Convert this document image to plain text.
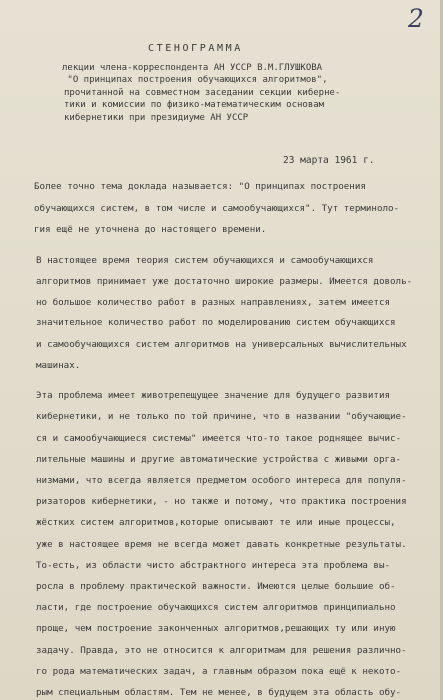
2
СТЕНОГРАММА
лекции члена-корреспондента АН УССР В.М.ГЛУШКОВА
"О принципах построения обучающихся алгоритмов",
прочитанной на совместном заседании секции киберне-
тики и комиссии по физико-математическим основам
кибернетики при президиуме АН УССР
23 марта 1961 г.
Более точно тема доклада называется: "О принципах построения
обучающихся систем, в том числе и самообучающихся". Тут терминоло-
гия ещё не уточнена до настоящего времени.
В настоящее время теория систем обучающихся и самообучающихся
алгоритмов принимает уже достаточно широкие размеры. Имеется доволь-
но большое количество работ в разных направлениях, затем имеется
значительное количество работ по моделированию систем обучающихся
и самообучающихся систем алгоритмов на универсальных вычислительных
машинах.
Эта проблема имеет животрепещущее значение для будущего развития
кибернетики, и не только по той причине, что в названии "обучающие-
ся и самообучающиеся системы" имеется что-то такое роднящее вычис-
лительные машины и другие автоматические устройства с живыми орга-
низмами, что всегда является предметом особого интереса для популя-
ризаторов кибернетики, - но также и потому, что практика построения
жёстких систем алгоритмов,которые описывают те или иные процессы,
уже в настоящее время не всегда может давать конкретные результаты.
То-есть, из области чисто абстрактного интереса эта проблема вы-
росла в проблему практической важности. Имеются целые большие об-
ласти, где построение обучающихся систем алгоритмов принципиально
проще, чем построение законченных алгоритмов,решающих ту или иную
задачу. Правда, это не относится к алгоритмам для решения различно-
го рода математических задач, а главным образом пока ещё к некото-
рым специальным областям. Тем не менее, в будущем эта область обу-
